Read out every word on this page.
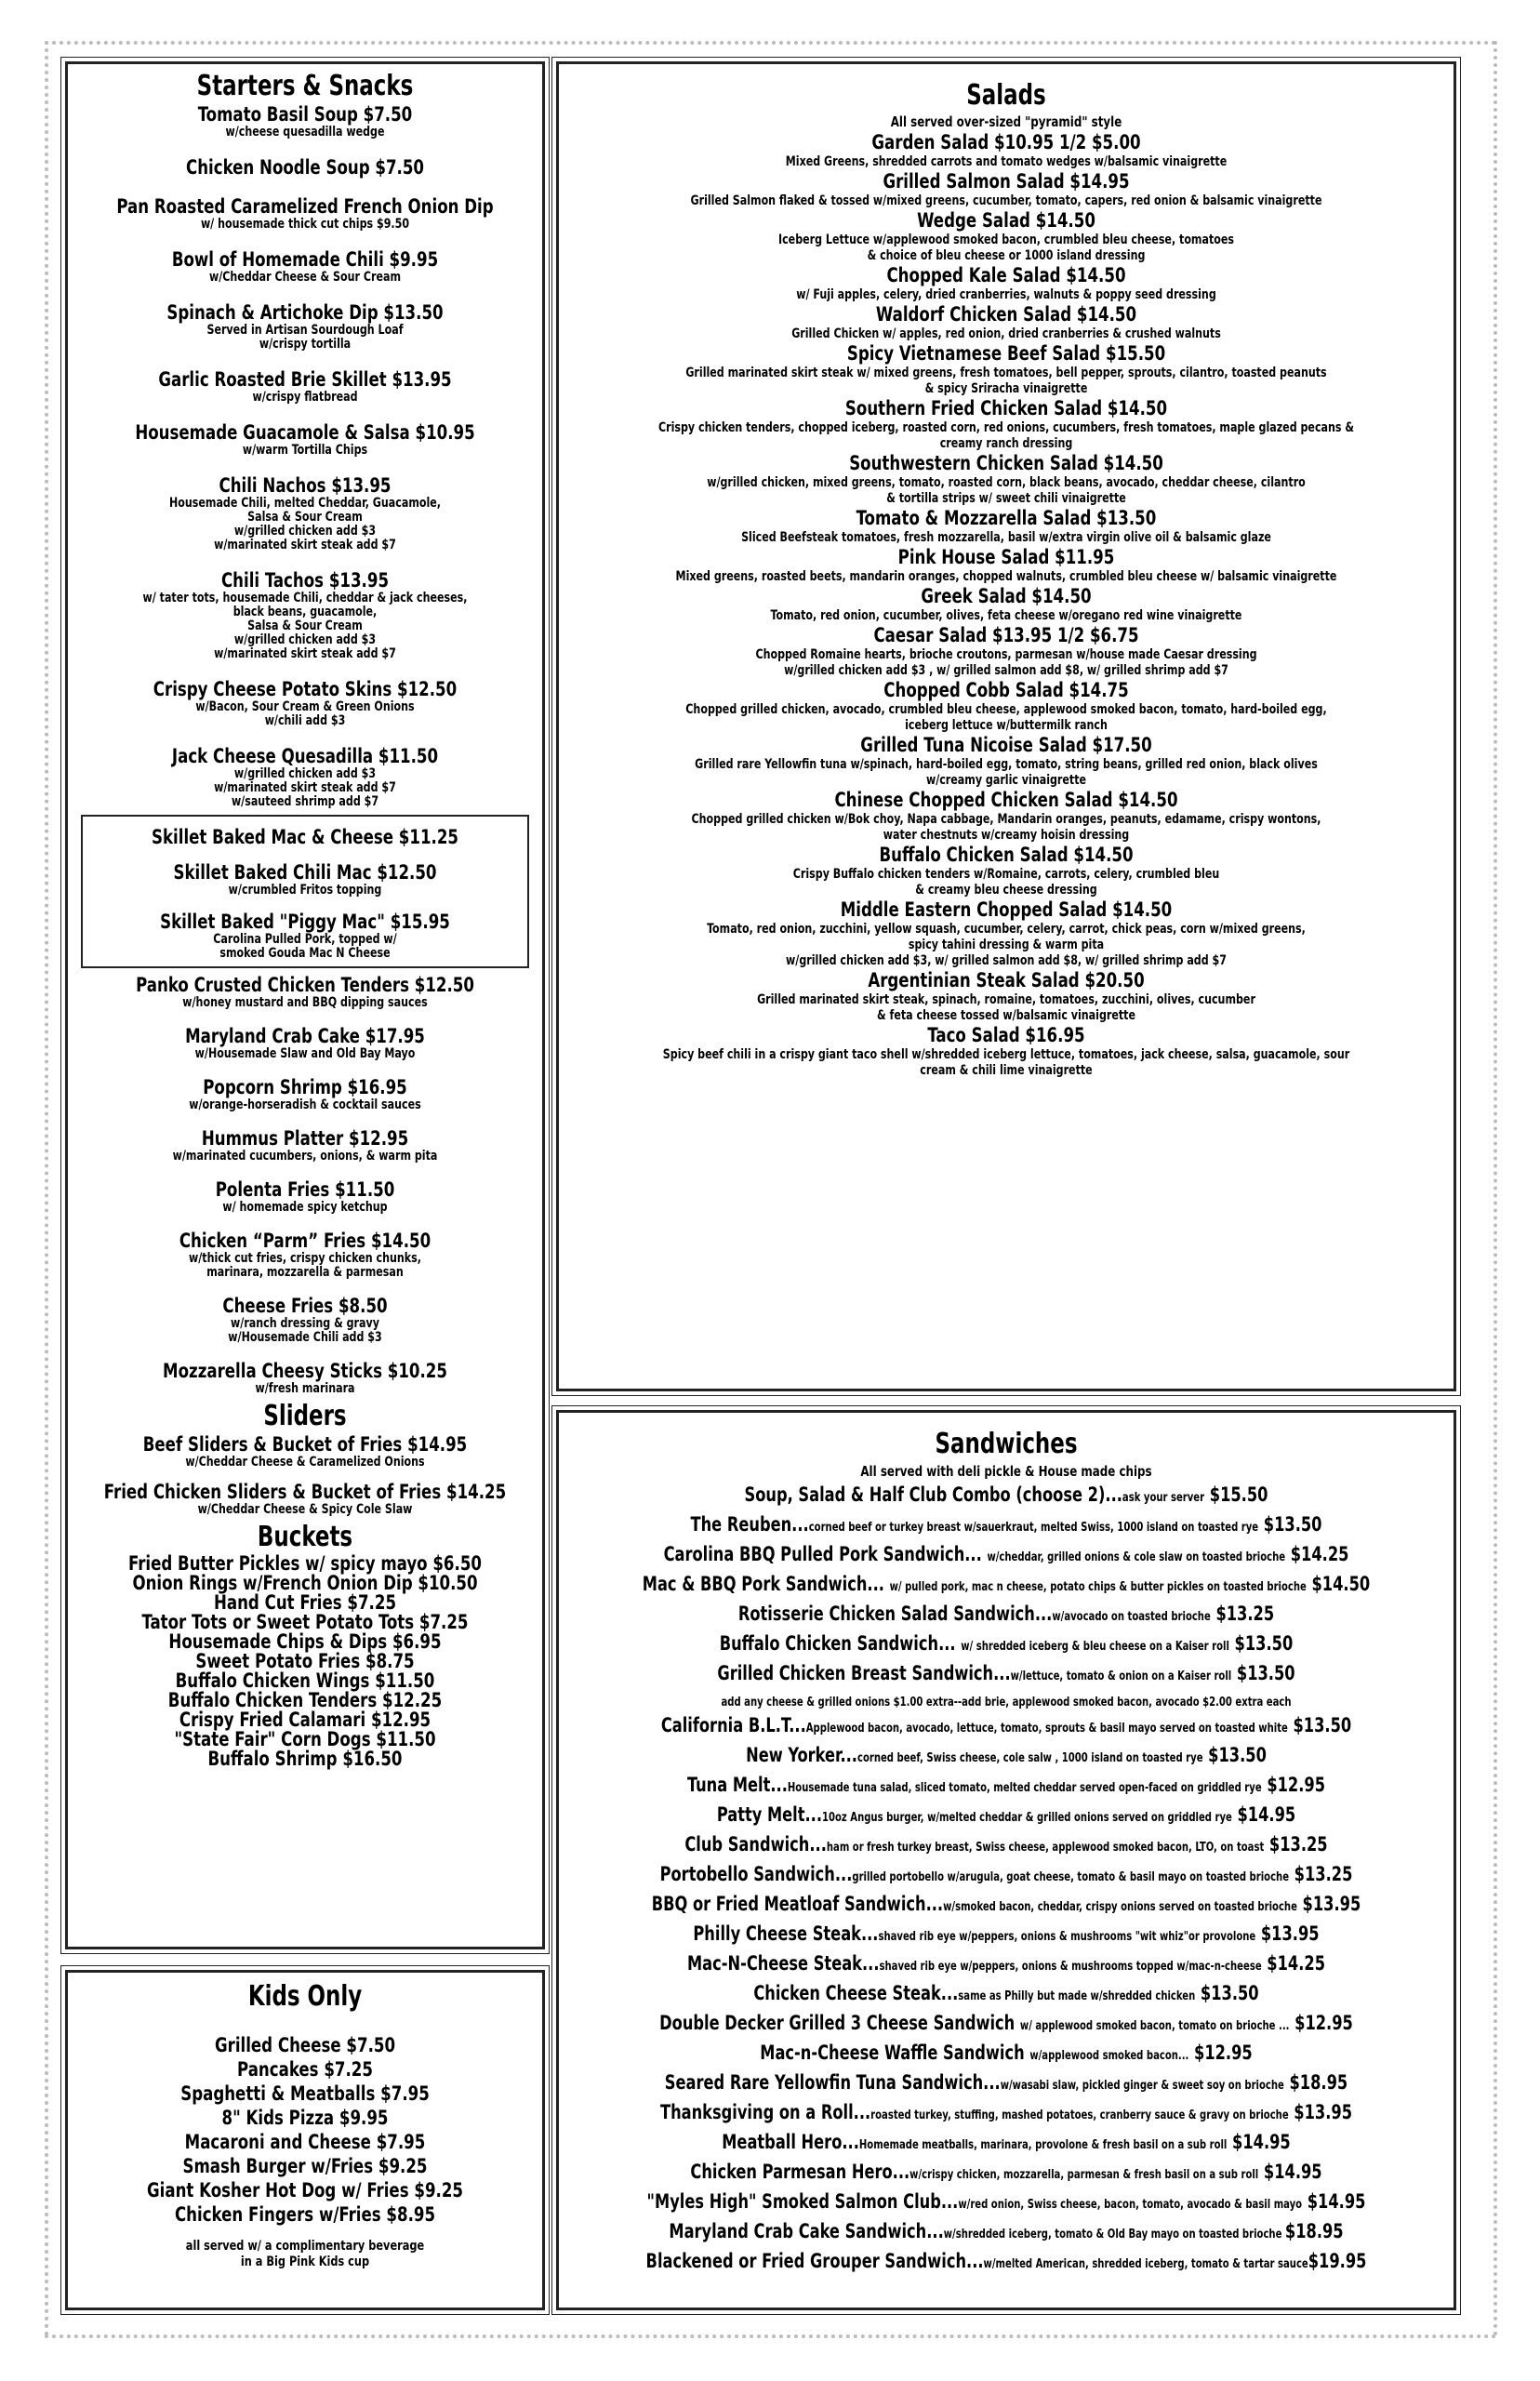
Starters & Snacks
Tomato Basil Soup $7.50
w/cheese quesadilla wedge
Chicken Noodle Soup $7.50
Pan Roasted Caramelized French Onion Dip
w/ housemade thick cut chips $9.50
Bowl of Homemade Chili $9.95
w/Cheddar Cheese & Sour Cream
Spinach & Artichoke Dip $13.50
Served in Artisan Sourdough Loaf
w/crispy tortilla
Garlic Roasted Brie Skillet $13.95
w/crispy flatbread
Housemade Guacamole & Salsa $10.95
w/warm Tortilla Chips
Chili Nachos $13.95
Housemade Chili, melted Cheddar, Guacamole,
Salsa & Sour Cream
w/grilled chicken add $3
w/marinated skirt steak add $7
Chili Tachos $13.95
w/ tater tots, housemade Chili, cheddar & jack cheeses,
black beans, guacamole,
Salsa & Sour Cream
w/grilled chicken add $3
w/marinated skirt steak add $7
Crispy Cheese Potato Skins $12.50
w/Bacon, Sour Cream & Green Onions
w/chili add $3
Jack Cheese Quesadilla $11.50
w/grilled chicken add $3
w/marinated skirt steak add $7
w/sauteed shrimp add $7
Skillet Baked Mac & Cheese $11.25
Skillet Baked Chili Mac $12.50
w/crumbled Fritos topping
Skillet Baked "Piggy Mac" $15.95
Carolina Pulled Pork, topped w/
smoked Gouda Mac N Cheese
Panko Crusted Chicken Tenders $12.50
w/honey mustard and BBQ dipping sauces
Maryland Crab Cake $17.95
w/Housemade Slaw and Old Bay Mayo
Popcorn Shrimp $16.95
w/orange-horseradish & cocktail sauces
Hummus Platter $12.95
w/marinated cucumbers, onions, & warm pita
Polenta Fries $11.50
w/ homemade spicy ketchup
Chicken “Parm” Fries $14.50
w/thick cut fries, crispy chicken chunks,
marinara, mozzarella & parmesan
Cheese Fries $8.50
w/ranch dressing & gravy
w/Housemade Chili add $3
Mozzarella Cheesy Sticks $10.25
w/fresh marinara
Sliders
Beef Sliders & Bucket of Fries $14.95
w/Cheddar Cheese & Caramelized Onions
Fried Chicken Sliders & Bucket of Fries $14.25
w/Cheddar Cheese & Spicy Cole Slaw
Buckets
Fried Butter Pickles w/ spicy mayo $6.50
Onion Rings w/French Onion Dip $10.50
Hand Cut Fries $7.25
Tator Tots or Sweet Potato Tots $7.25
Housemade Chips & Dips $6.95
Sweet Potato Fries $8.75
Buffalo Chicken Wings $11.50
Buffalo Chicken Tenders $12.25
Crispy Fried Calamari $12.95
"State Fair" Corn Dogs $11.50
Buffalo Shrimp $16.50
Kids Only
Grilled Cheese $7.50
Pancakes $7.25
Spaghetti & Meatballs $7.95
8" Kids Pizza $9.95
Macaroni and Cheese $7.95
Smash Burger w/Fries $9.25
Giant Kosher Hot Dog w/ Fries $9.25
Chicken Fingers w/Fries $8.95
all served w/ a complimentary beverage
in a Big Pink Kids cup
Salads
All served over-sized "pyramid" style
Garden Salad $10.95 1/2 $5.00
Mixed Greens, shredded carrots and tomato wedges w/balsamic vinaigrette
Grilled Salmon Salad $14.95
Grilled Salmon flaked & tossed w/mixed greens, cucumber, tomato, capers, red onion & balsamic vinaigrette
Wedge Salad $14.50
Iceberg Lettuce w/applewood smoked bacon, crumbled bleu cheese, tomatoes
& choice of bleu cheese or 1000 island dressing
Chopped Kale Salad $14.50
w/ Fuji apples, celery, dried cranberries, walnuts & poppy seed dressing
Waldorf Chicken Salad $14.50
Grilled Chicken w/ apples, red onion, dried cranberries & crushed walnuts
Spicy Vietnamese Beef Salad $15.50
Grilled marinated skirt steak w/ mixed greens, fresh tomatoes, bell pepper, sprouts, cilantro, toasted peanuts
& spicy Sriracha vinaigrette
Southern Fried Chicken Salad $14.50
Crispy chicken tenders, chopped iceberg, roasted corn, red onions, cucumbers, fresh tomatoes, maple glazed pecans &
creamy ranch dressing
Southwestern Chicken Salad $14.50
w/grilled chicken, mixed greens, tomato, roasted corn, black beans, avocado, cheddar cheese, cilantro
& tortilla strips w/ sweet chili vinaigrette
Tomato & Mozzarella Salad $13.50
Sliced Beefsteak tomatoes, fresh mozzarella, basil w/extra virgin olive oil & balsamic glaze
Pink House Salad $11.95
Mixed greens, roasted beets, mandarin oranges, chopped walnuts, crumbled bleu cheese w/ balsamic vinaigrette
Greek Salad $14.50
Tomato, red onion, cucumber, olives, feta cheese w/oregano red wine vinaigrette
Caesar Salad $13.95 1/2 $6.75
Chopped Romaine hearts, brioche croutons, parmesan w/house made Caesar dressing
w/grilled chicken add $3 , w/ grilled salmon add $8, w/ grilled shrimp add $7
Chopped Cobb Salad $14.75
Chopped grilled chicken, avocado, crumbled bleu cheese, applewood smoked bacon, tomato, hard-boiled egg,
iceberg lettuce w/buttermilk ranch
Grilled Tuna Nicoise Salad $17.50
Grilled rare Yellowfin tuna w/spinach, hard-boiled egg, tomato, string beans, grilled red onion, black olives
w/creamy garlic vinaigrette
Chinese Chopped Chicken Salad $14.50
Chopped grilled chicken w/Bok choy, Napa cabbage, Mandarin oranges, peanuts, edamame, crispy wontons,
water chestnuts w/creamy hoisin dressing
Buffalo Chicken Salad $14.50
Crispy Buffalo chicken tenders w/Romaine, carrots, celery, crumbled bleu
& creamy bleu cheese dressing
Middle Eastern Chopped Salad $14.50
Tomato, red onion, zucchini, yellow squash, cucumber, celery, carrot, chick peas, corn w/mixed greens,
spicy tahini dressing & warm pita
w/grilled chicken add $3, w/ grilled salmon add $8, w/ grilled shrimp add $7
Argentinian Steak Salad $20.50
Grilled marinated skirt steak, spinach, romaine, tomatoes, zucchini, olives, cucumber
& feta cheese tossed w/balsamic vinaigrette
Taco Salad $16.95
Spicy beef chili in a crispy giant taco shell w/shredded iceberg lettuce, tomatoes, jack cheese, salsa, guacamole, sour
cream & chili lime vinaigrette
Sandwiches
All served with deli pickle & House made chips
Soup, Salad & Half Club Combo (choose 2)...ask your server $15.50
The Reuben...corned beef or turkey breast w/sauerkraut, melted Swiss, 1000 island on toasted rye $13.50
Carolina BBQ Pulled Pork Sandwich... w/cheddar, grilled onions & cole slaw on toasted brioche $14.25
Mac & BBQ Pork Sandwich... w/ pulled pork, mac n cheese, potato chips & butter pickles on toasted brioche $14.50
Rotisserie Chicken Salad Sandwich...w/avocado on toasted brioche $13.25
Buffalo Chicken Sandwich... w/ shredded iceberg & bleu cheese on a Kaiser roll $13.50
Grilled Chicken Breast Sandwich...w/lettuce, tomato & onion on a Kaiser roll $13.50
add any cheese & grilled onions $1.00 extra--add brie, applewood smoked bacon, avocado $2.00 extra each
California B.L.T...Applewood bacon, avocado, lettuce, tomato, sprouts & basil mayo served on toasted white $13.50
New Yorker...corned beef, Swiss cheese, cole salw , 1000 island on toasted rye $13.50
Tuna Melt...Housemade tuna salad, sliced tomato, melted cheddar served open-faced on griddled rye $12.95
Patty Melt...10oz Angus burger, w/melted cheddar & grilled onions served on griddled rye $14.95
Club Sandwich...ham or fresh turkey breast, Swiss cheese, applewood smoked bacon, LTO, on toast $13.25
Portobello Sandwich...grilled portobello w/arugula, goat cheese, tomato & basil mayo on toasted brioche $13.25
BBQ or Fried Meatloaf Sandwich...w/smoked bacon, cheddar, crispy onions served on toasted brioche $13.95
Philly Cheese Steak...shaved rib eye w/peppers, onions & mushrooms "wit whiz"or provolone $13.95
Mac-N-Cheese Steak...shaved rib eye w/peppers, onions & mushrooms topped w/mac-n-cheese $14.25
Chicken Cheese Steak...same as Philly but made w/shredded chicken $13.50
Double Decker Grilled 3 Cheese Sandwich w/ applewood smoked bacon, tomato on brioche ... $12.95
Mac-n-Cheese Waffle Sandwich w/applewood smoked bacon... $12.95
Seared Rare Yellowfin Tuna Sandwich...w/wasabi slaw, pickled ginger & sweet soy on brioche $18.95
Thanksgiving on a Roll...roasted turkey, stuffing, mashed potatoes, cranberry sauce & gravy on brioche $13.95
Meatball Hero...Homemade meatballs, marinara, provolone & fresh basil on a sub roll $14.95
Chicken Parmesan Hero...w/crispy chicken, mozzarella, parmesan & fresh basil on a sub roll $14.95
"Myles High" Smoked Salmon Club...w/red onion, Swiss cheese, bacon, tomato, avocado & basil mayo $14.95
Maryland Crab Cake Sandwich...w/shredded iceberg, tomato & Old Bay mayo on toasted brioche $18.95
Blackened or Fried Grouper Sandwich...w/melted American, shredded iceberg, tomato & tartar sauce$19.95
